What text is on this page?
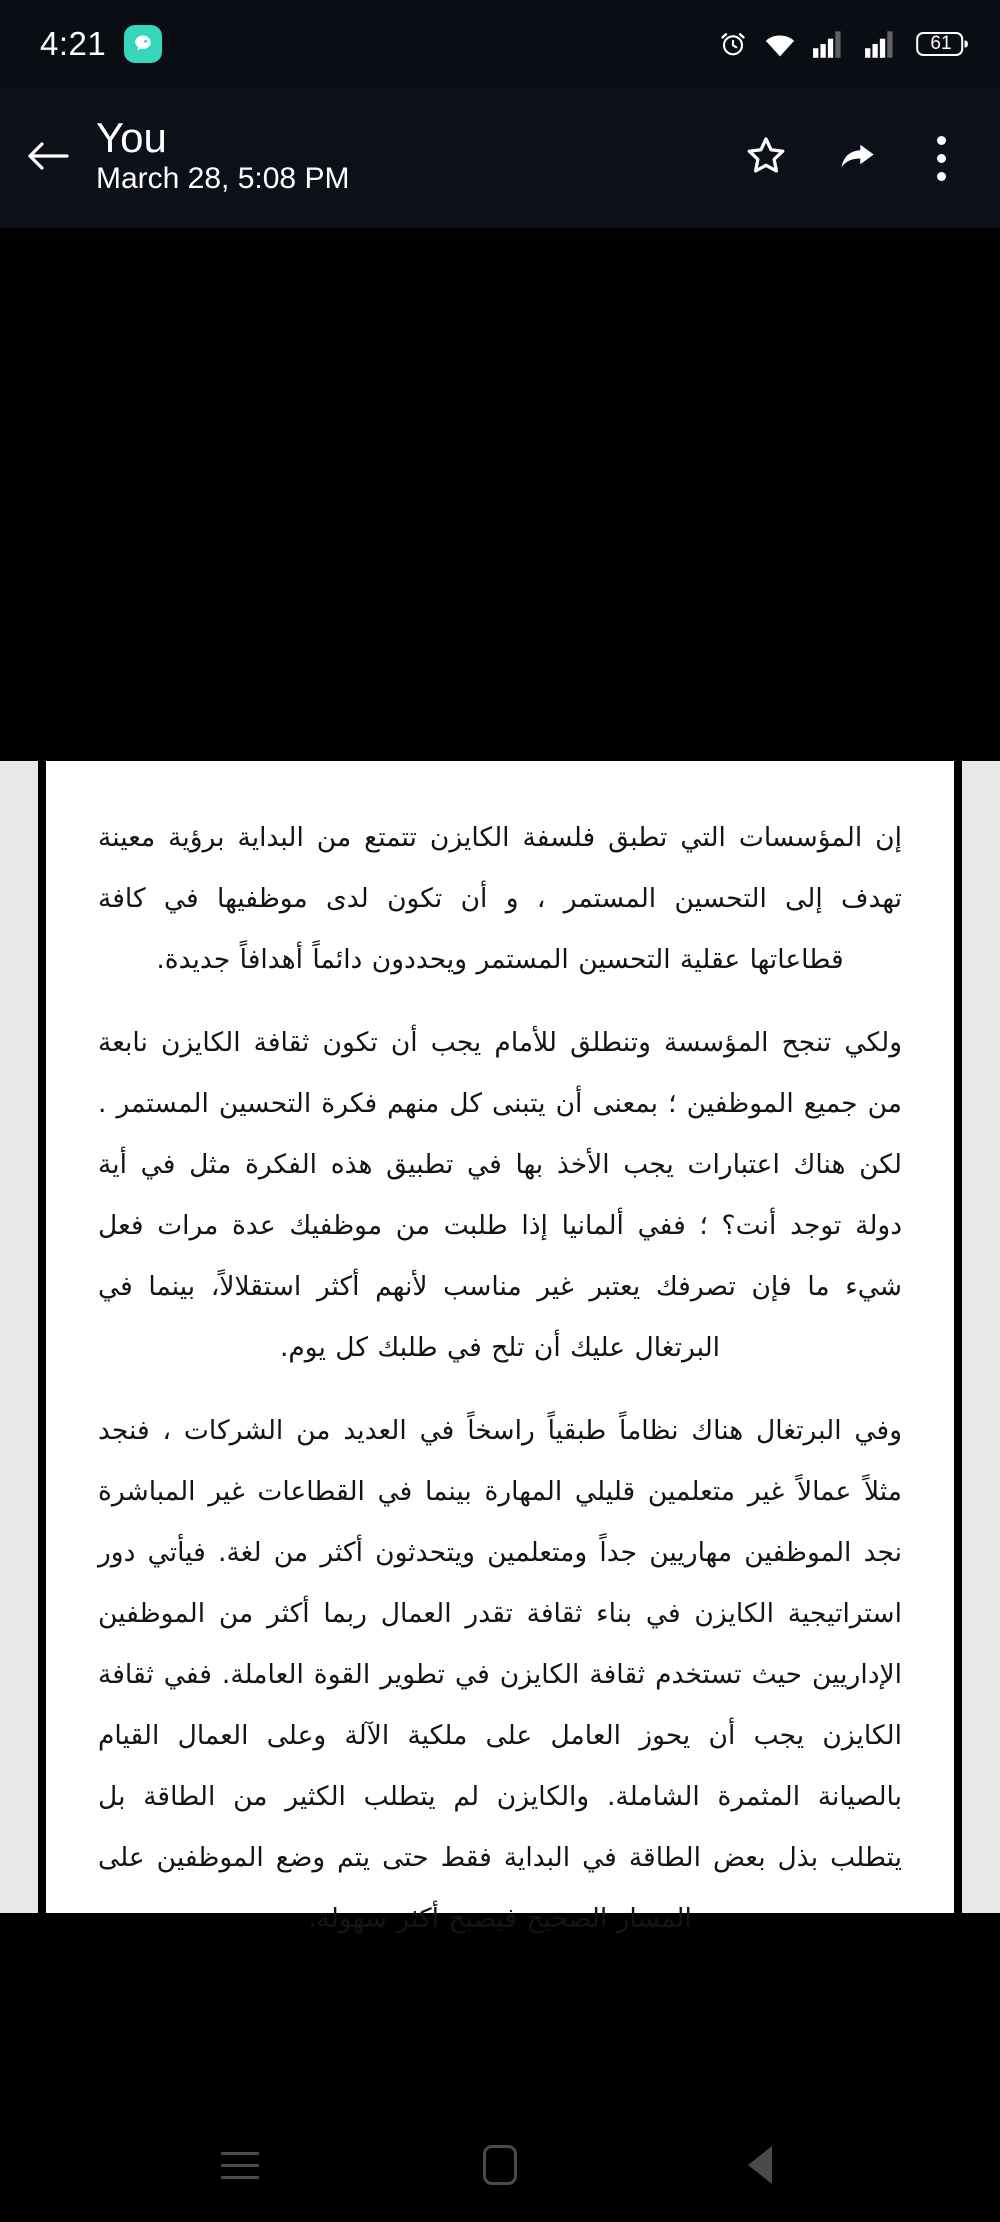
4:21	61
You
March 28, 5:08 PM

إن المؤسسات التي تطبق فلسفة الكايزن تتمتع من البداية برؤية معينة تهدف إلى التحسين المستمر ، و أن تكون لدى موظفيها في كافة قطاعاتها عقلية التحسين المستمر ويحددون دائماً أهدافاً جديدة.

ولكي تنجح المؤسسة وتنطلق للأمام يجب أن تكون ثقافة الكايزن نابعة من جميع الموظفين ؛ بمعنى أن يتبنى كل منهم فكرة التحسين المستمر . لكن هناك اعتبارات يجب الأخذ بها في تطبيق هذه الفكرة مثل في أية دولة توجد أنت؟ ؛ ففي ألمانيا إذا طلبت من موظفيك عدة مرات فعل شيء ما فإن تصرفك يعتبر غير مناسب لأنهم أكثر استقلالاً، بينما في البرتغال عليك أن تلح في طلبك كل يوم.

وفي البرتغال هناك نظاماً طبقياً راسخاً في العديد من الشركات ، فنجد مثلاً عمالاً غير متعلمين قليلي المهارة بينما في القطاعات غير المباشرة نجد الموظفين مهاريين جداً ومتعلمين ويتحدثون أكثر من لغة. فيأتي دور استراتيجية الكايزن في بناء ثقافة تقدر العمال ربما أكثر من الموظفين الإداريين حيث تستخدم ثقافة الكايزن في تطوير القوة العاملة. ففي ثقافة الكايزن يجب أن يحوز العامل على ملكية الآلة وعلى العمال القيام بالصيانة المثمرة الشاملة. والكايزن لم يتطلب الكثير من الطاقة بل يتطلب بذل بعض الطاقة في البداية فقط حتى يتم وضع الموظفين على المسار الصحيح فيصبح أكثر سهولة.
